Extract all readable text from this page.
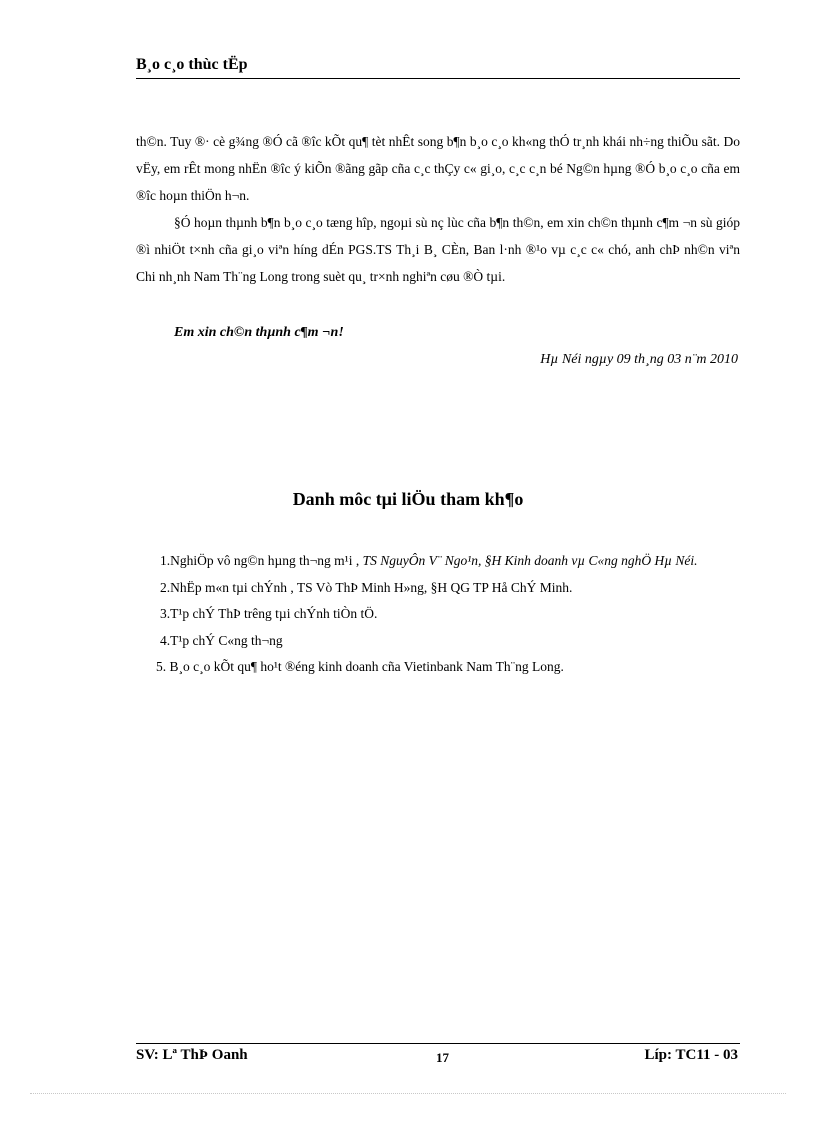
B¸o c¸o thùc tËp

th©n. Tuy ®· cè g¾ng ®Ó cã ®îc kÕt qu¶ tèt nhÊt song b¶n b¸o c¸o kh«ng thÓ tr¸nh khái nh÷ng thiÕu sãt. Do vËy, em rÊt mong nhËn ®îc ý kiÕn ®ãng gãp cña c¸c thÇy c« gi¸o, c¸c c¸n bé Ng©n hµng ®Ó b¸o c¸o cña em ®îc hoµn thiÖn h¬n.

§Ó hoµn thµnh b¶n b¸o c¸o tæng hîp, ngoµi sù nç lùc cña b¶n th©n, em xin ch©n thµnh c¶m ¬n sù gióp ®ì nhiÖt t×nh cña gi¸o viªn híng dÉn PGS.TS Th¸i B¸ CÈn, Ban l·nh ®¹o vµ c¸c c« chó, anh chÞ nh©n viªn Chi nh¸nh Nam Th¨ng Long trong suèt qu¸ tr×nh nghiªn cøu ®Ò tµi.

Em xin ch©n thµnh c¶m ¬n!
Hµ Néi ngµy 09 th¸ng 03 n¨m 2010
Danh môc tµi liÖu tham kh¶o
1.NghiÖp vô ng©n hµng th¬ng m¹i , TS NguyÔn V¨ Ngo¹n, §H Kinh doanh vµ C«ng nghÖ Hµ Néi.
2.NhËp m«n tµi chÝnh , TS Vò ThÞ Minh H»ng, §H QG TP Hå ChÝ Minh.
3.T¹p chÝ ThÞ trêng tµi chÝnh tiÒn tÖ.
4.T¹p chÝ C«ng th¬ng
5. B¸o c¸o kÕt qu¶ ho¹t ®éng kinh doanh cña Vietinbank Nam Th¨ng Long.
SV: Lª ThÞ Oanh	17	Líp: TC11 - 03
